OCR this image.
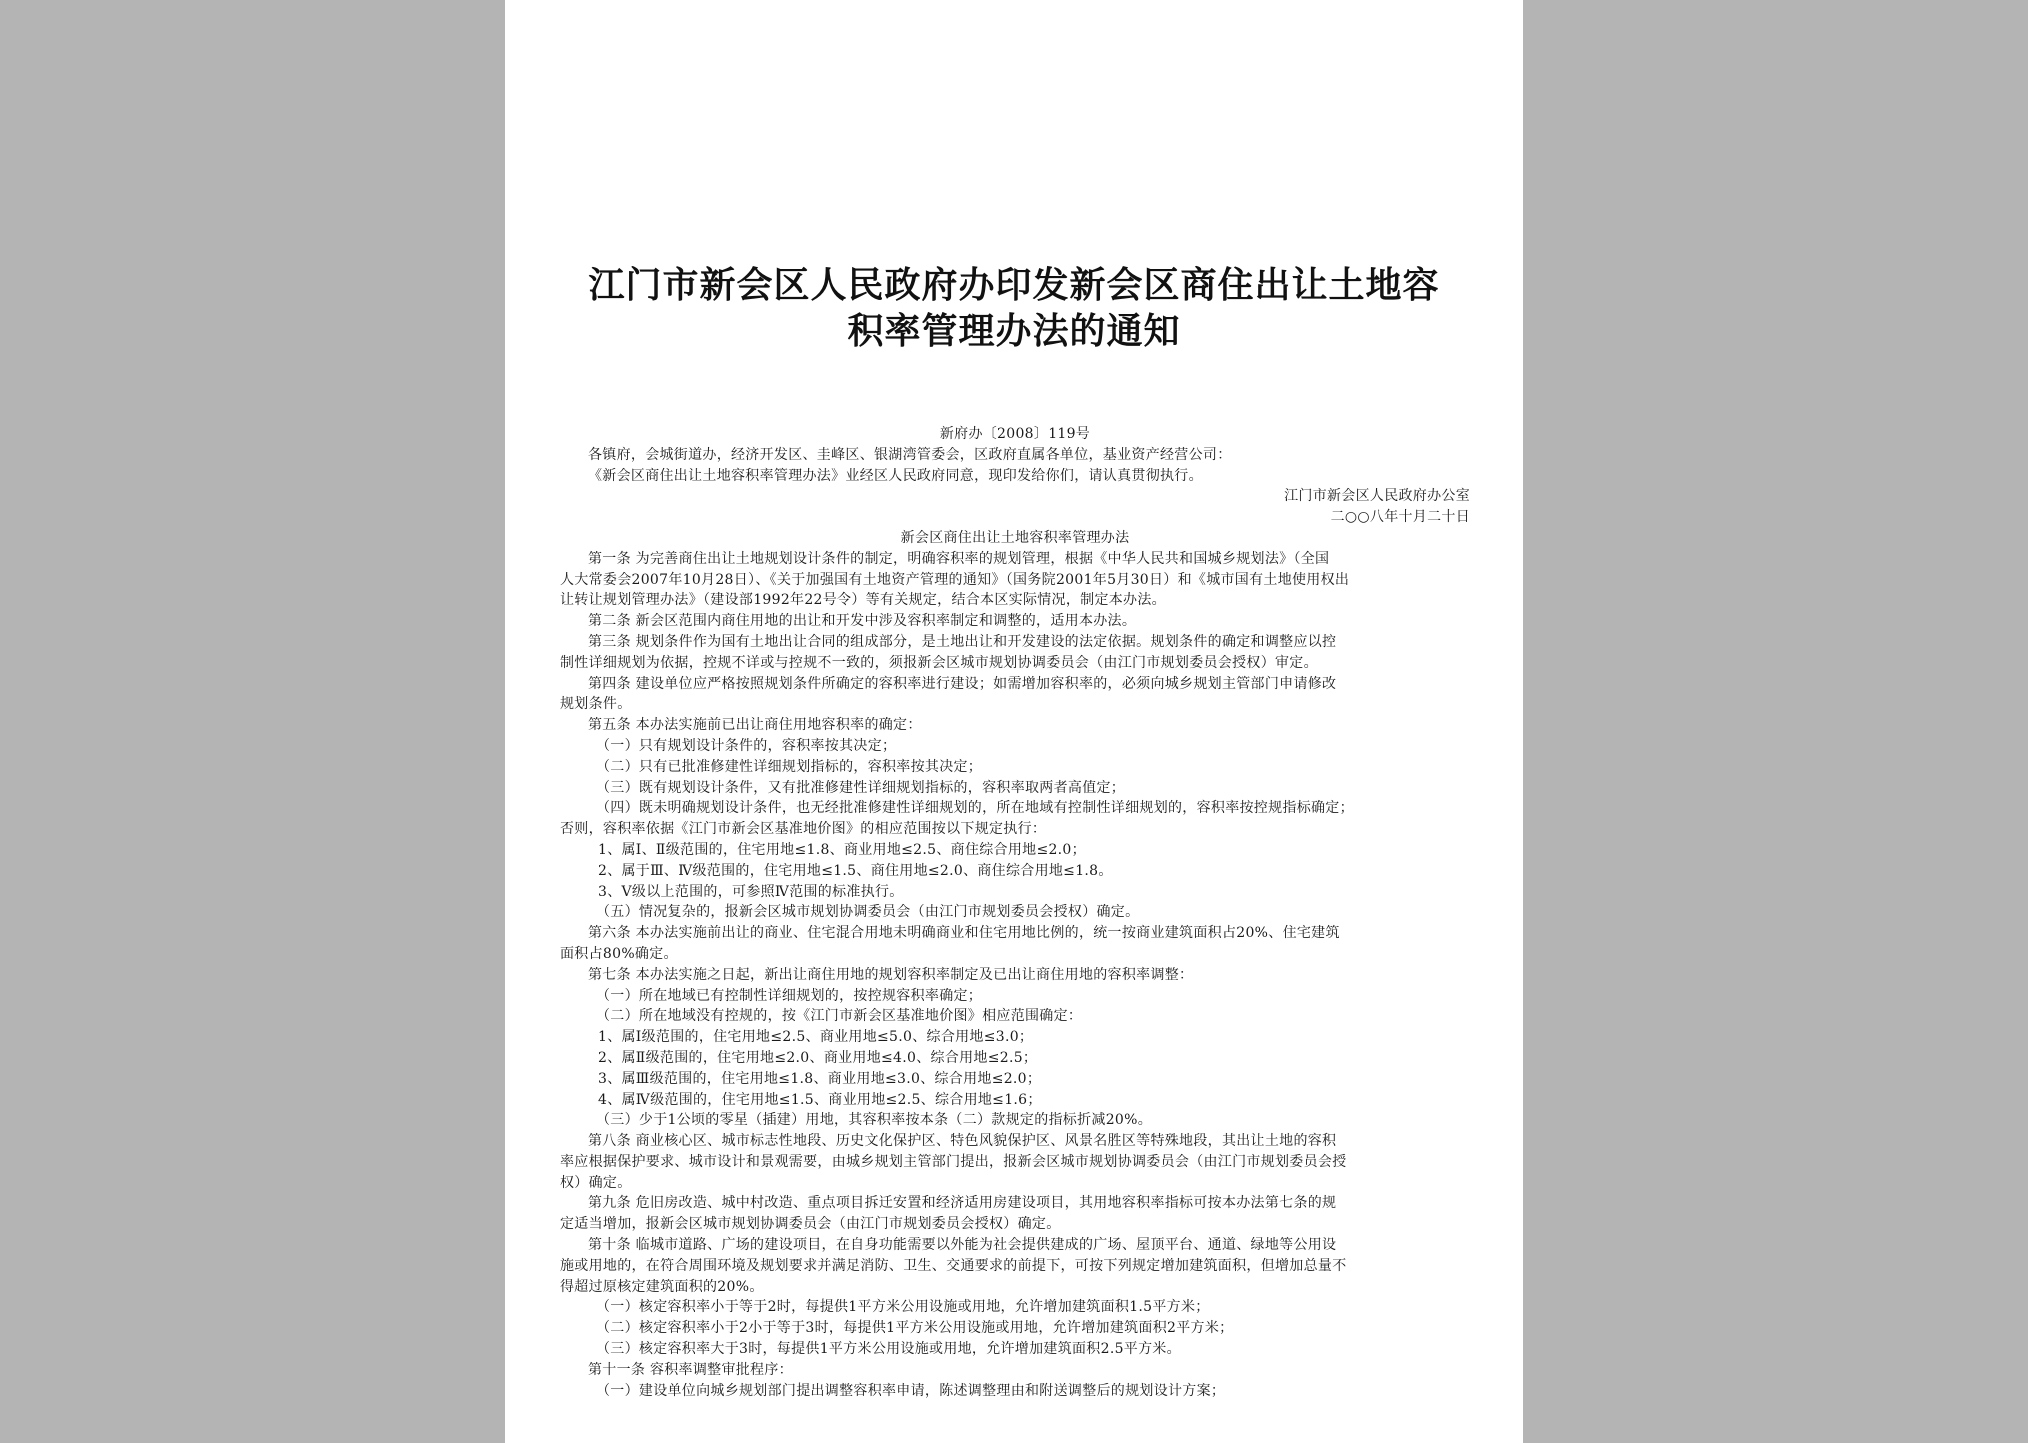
江门市新会区人民政府办印发新会区商住出让土地容
积率管理办法的通知
新府办〔2008〕119号
各镇府，会城街道办，经济开发区、圭峰区、银湖湾管委会，区政府直属各单位，基业资产经营公司：
《新会区商住出让土地容积率管理办法》业经区人民政府同意，现印发给你们，请认真贯彻执行。
江门市新会区人民政府办公室
二○○八年十月二十日
新会区商住出让土地容积率管理办法
第一条 为完善商住出让土地规划设计条件的制定，明确容积率的规划管理，根据《中华人民共和国城乡规划法》（全国
人大常委会2007年10月28日）、《关于加强国有土地资产管理的通知》（国务院2001年5月30日）和《城市国有土地使用权出
让转让规划管理办法》（建设部1992年22号令）等有关规定，结合本区实际情况，制定本办法。
第二条 新会区范围内商住用地的出让和开发中涉及容积率制定和调整的，适用本办法。
第三条 规划条件作为国有土地出让合同的组成部分，是土地出让和开发建设的法定依据。规划条件的确定和调整应以控
制性详细规划为依据，控规不详或与控规不一致的，须报新会区城市规划协调委员会（由江门市规划委员会授权）审定。
第四条 建设单位应严格按照规划条件所确定的容积率进行建设；如需增加容积率的，必须向城乡规划主管部门申请修改
规划条件。
第五条 本办法实施前已出让商住用地容积率的确定：
（一）只有规划设计条件的，容积率按其决定；
（二）只有已批准修建性详细规划指标的，容积率按其决定；
（三）既有规划设计条件，又有批准修建性详细规划指标的，容积率取两者高值定；
（四）既未明确规划设计条件，也无经批准修建性详细规划的，所在地域有控制性详细规划的，容积率按控规指标确定；
否则，容积率依据《江门市新会区基准地价图》的相应范围按以下规定执行：
1、属Ⅰ、Ⅱ级范围的，住宅用地≤1.8、商业用地≤2.5、商住综合用地≤2.0；
2、属于Ⅲ、Ⅳ级范围的，住宅用地≤1.5、商住用地≤2.0、商住综合用地≤1.8。
3、Ⅴ级以上范围的，可参照Ⅳ范围的标准执行。
（五）情况复杂的，报新会区城市规划协调委员会（由江门市规划委员会授权）确定。
第六条 本办法实施前出让的商业、住宅混合用地未明确商业和住宅用地比例的，统一按商业建筑面积占20%、住宅建筑
面积占80%确定。
第七条 本办法实施之日起，新出让商住用地的规划容积率制定及已出让商住用地的容积率调整：
（一）所在地域已有控制性详细规划的，按控规容积率确定；
（二）所在地域没有控规的，按《江门市新会区基准地价图》相应范围确定：
1、属Ⅰ级范围的，住宅用地≤2.5、商业用地≤5.0、综合用地≤3.0；
2、属Ⅱ级范围的，住宅用地≤2.0、商业用地≤4.0、综合用地≤2.5；
3、属Ⅲ级范围的，住宅用地≤1.8、商业用地≤3.0、综合用地≤2.0；
4、属Ⅳ级范围的，住宅用地≤1.5、商业用地≤2.5、综合用地≤1.6；
（三）少于1公顷的零星（插建）用地，其容积率按本条（二）款规定的指标折减20%。
第八条 商业核心区、城市标志性地段、历史文化保护区、特色风貌保护区、风景名胜区等特殊地段，其出让土地的容积
率应根据保护要求、城市设计和景观需要，由城乡规划主管部门提出，报新会区城市规划协调委员会（由江门市规划委员会授
权）确定。
第九条 危旧房改造、城中村改造、重点项目拆迁安置和经济适用房建设项目，其用地容积率指标可按本办法第七条的规
定适当增加，报新会区城市规划协调委员会（由江门市规划委员会授权）确定。
第十条 临城市道路、广场的建设项目，在自身功能需要以外能为社会提供建成的广场、屋顶平台、通道、绿地等公用设
施或用地的，在符合周围环境及规划要求并满足消防、卫生、交通要求的前提下，可按下列规定增加建筑面积，但增加总量不
得超过原核定建筑面积的20%。
（一）核定容积率小于等于2时，每提供1平方米公用设施或用地，允许增加建筑面积1.5平方米；
（二）核定容积率小于2小于等于3时，每提供1平方米公用设施或用地，允许增加建筑面积2平方米；
（三）核定容积率大于3时，每提供1平方米公用设施或用地，允许增加建筑面积2.5平方米。
第十一条 容积率调整审批程序：
（一）建设单位向城乡规划部门提出调整容积率申请，陈述调整理由和附送调整后的规划设计方案；
